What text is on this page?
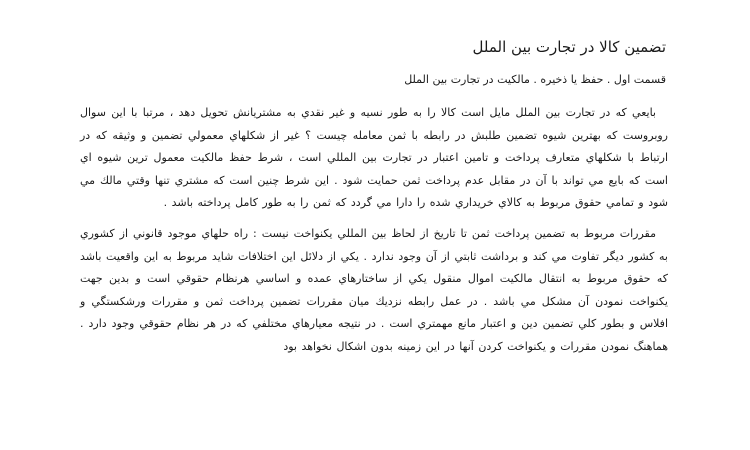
تضمين كالا در تجارت بين الملل
قسمت اول . حفظ يا ذخيره . مالكيت در تجارت بين الملل

بايعي كه در تجارت بين الملل مايل است كالا را به طور نسيه و غير نقدي به مشتريانش تحويل دهد ، مرتبا با اين سوال روبروست كه بهترين شيوه تضمين طلبش در رابطه با ثمن معامله چيست ؟ غير از شكلهاي معمولي تضمين و وثيقه كه در ارتباط با شكلهاي متعارف پرداخت و تامين اعتبار در تجارت بين المللي است ، شرط حفظ مالكيت معمول ترين شيوه اي است كه بايع مي تواند با آن در مقابل عدم پرداخت ثمن حمايت شود . اين شرط چنين است كه مشتري تنها وقتي مالك مي شود و تمامي حقوق مربوط به كالاي خريداري شده را دارا مي گردد كه ثمن را به طور كامل پرداخته باشد .

مقررات مربوط به تضمين پرداخت ثمن تا تاريخ از لحاظ بين المللي يكنواخت نيست : راه حلهاي موجود قانوني از كشوري به كشور ديگر تفاوت مي كند و برداشت ثابتي از آن وجود ندارد . يكي از دلائل اين اختلافات شايد مربوط به اين واقعيت باشد كه حقوق مربوط به انتقال مالكيت اموال منقول يكي از ساختارهاي عمده و اساسي هرنظام حقوقي است و بدين جهت يكنواخت نمودن آن مشكل مي باشد . در عمل رابطه نزديك ميان مقررات تضمين پرداخت ثمن و مقررات ورشكستگي و افلاس و بطور كلي تضمين دين و اعتبار مانع مهمتري است . در نتيجه معيارهاي مختلفي كه در هر نظام حقوقي وجود دارد . هماهنگ نمودن مقررات و يكنواخت كردن آنها در اين زمينه بدون اشكال نخواهد بود
